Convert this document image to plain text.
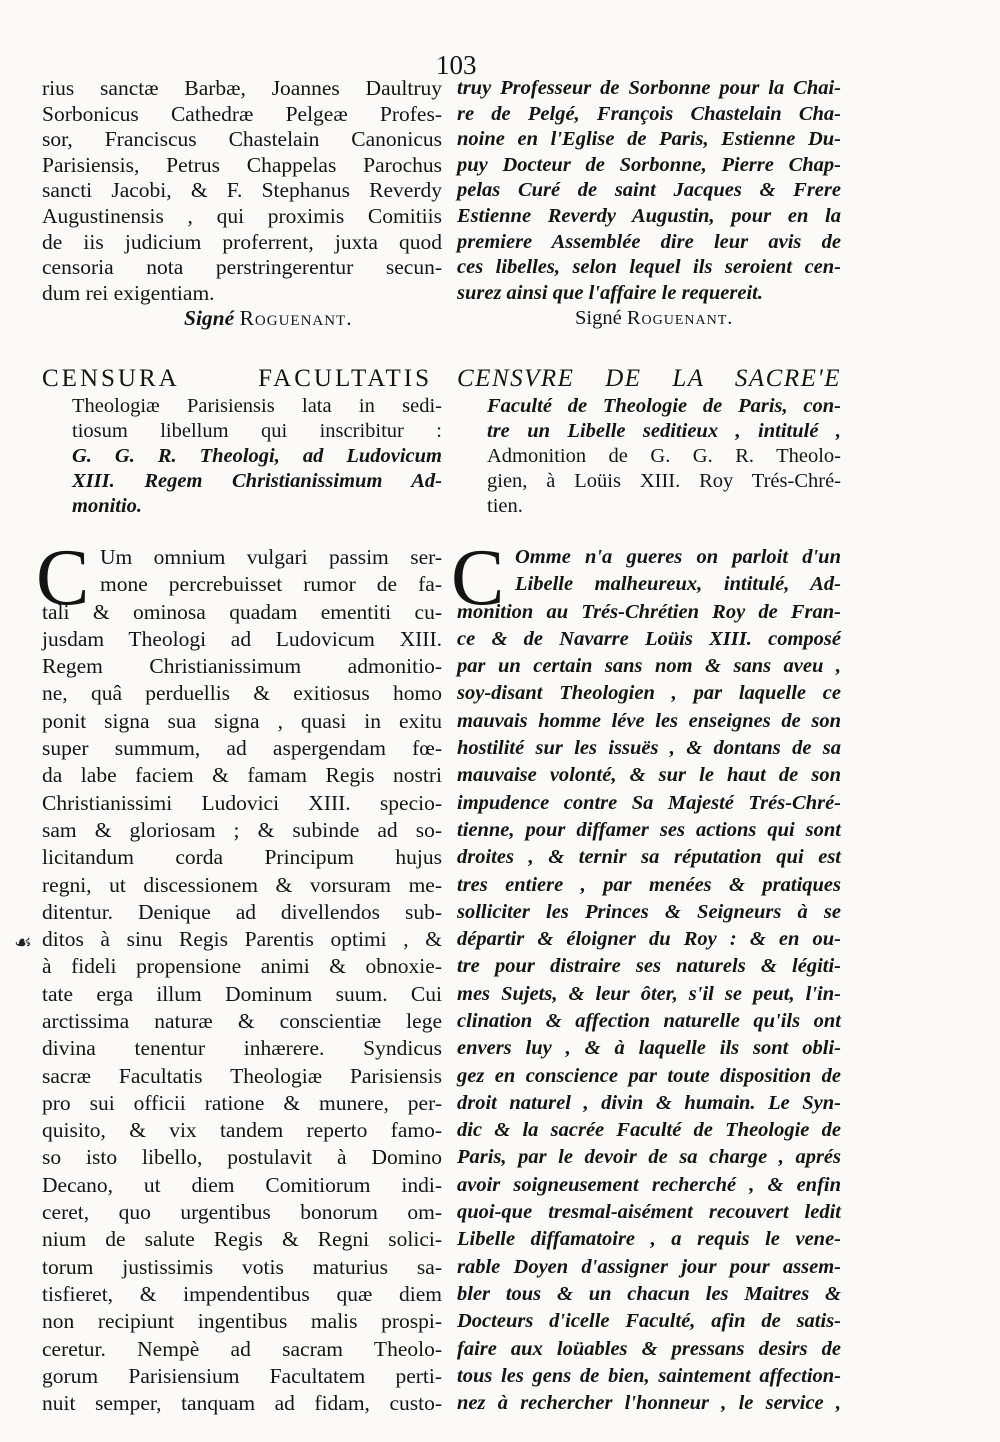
103
rius sanctæ Barbæ, Joannes Daultruy
Sorbonicus Cathedræ Pelgeæ Profes-
sor, Franciscus Chastelain Canonicus
Parisiensis, Petrus Chappelas Parochus
sancti Jacobi, & F. Stephanus Reverdy
Augustinensis , qui proximis Comitiis
de iis judicium proferrent, juxta quod
censoria nota perstringerentur secun-
dum rei exigentiam.
Signé Roguenant.
CENSURA FACULTATIS
Theologiæ Parisiensis lata in sedi-
tiosum libellum qui inscribitur :
G. G. R. Theologi, ad Ludovicum
XIII. Regem Christianissimum Ad-
monitio.
C Um omnium vulgari passim ser-
mone percrebuisset rumor de fa-
tali & ominosa quadam ementiti cu-
jusdam Theologi ad Ludovicum XIII.
Regem Christianissimum admonitio-
ne, quâ perduellis & exitiosus homo
ponit signa sua signa , quasi in exitu
super summum, ad aspergendam fœ-
da labe faciem & famam Regis nostri
Christianissimi Ludovici XIII. specio-
sam & gloriosam ; & subinde ad so-
licitandum corda Principum hujus
regni, ut discessionem & vorsuram me-
ditentur. Denique ad divellendos sub-
ditos à sinu Regis Parentis optimi , &
à fideli propensione animi & obnoxie-
tate erga illum Dominum suum. Cui
arctissima naturæ & conscientiæ lege
divina tenentur inhærere. Syndicus
sacræ Facultatis Theologiæ Parisiensis
pro sui officii ratione & munere, per-
quisito, & vix tandem reperto famo-
so isto libello, postulavit à Domino
Decano, ut diem Comitiorum indi-
ceret, quo urgentibus bonorum om-
nium de salute Regis & Regni solici-
torum justissimis votis maturius sa-
tisfieret, & impendentibus quæ diem
non recipiunt ingentibus malis prospi-
ceretur. Nempè ad sacram Theolo-
gorum Parisiensium Facultatem perti-
nuit semper, tanquam ad fidam, custo-
truy Professeur de Sorbonne pour la Chai-
re de Pelgé, François Chastelain Cha-
noine en l'Eglise de Paris, Estienne Du-
puy Docteur de Sorbonne, Pierre Chap-
pelas Curé de saint Jacques & Frere
Estienne Reverdy Augustin, pour en la
premiere Assemblée dire leur avis de
ces libelles, selon lequel ils seroient cen-
surez ainsi que l'affaire le requereit.
Signé Roguenant.
CENSVRE DE LA SACRE'E
Faculté de Theologie de Paris, con-
tre un Libelle seditieux , intitulé ,
Admonition de G. G. R. Theolo-
gien, à Loüis XIII. Roy Trés-Chré-
tien.
C Omme n'a gueres on parloit d'un
Libelle malheureux, intitulé, Ad-
monition au Trés-Chrétien Roy de Fran-
ce & de Navarre Loüis XIII. composé
par un certain sans nom & sans aveu ,
soy-disant Theologien , par laquelle ce
mauvais homme léve les enseignes de son
hostilité sur les issuës , & dontans de sa
mauvaise volonté, & sur le haut de son
impudence contre Sa Majesté Trés-Chré-
tienne, pour diffamer ses actions qui sont
droites , & ternir sa réputation qui est
tres entiere , par menées & pratiques
solliciter les Princes & Seigneurs à se
départir & éloigner du Roy : & en ou-
tre pour distraire ses naturels & légiti-
mes Sujets, & leur ôter, s'il se peut, l'in-
clination & affection naturelle qu'ils ont
envers luy , & à laquelle ils sont obli-
gez en conscience par toute disposition de
droit naturel , divin & humain. Le Syn-
dic & la sacrée Faculté de Theologie de
Paris, par le devoir de sa charge , aprés
avoir soigneusement recherché , & enfin
quoi-que tresmal-aisément recouvert ledit
Libelle diffamatoire , a requis le vene-
rable Doyen d'assigner jour pour assem-
bler tous & un chacun les Maitres &
Docteurs d'icelle Faculté, afin de satis-
faire aux loüables & pressans desirs de
tous les gens de bien, saintement affection-
nez à rechercher l'honneur , le service ,
☙
